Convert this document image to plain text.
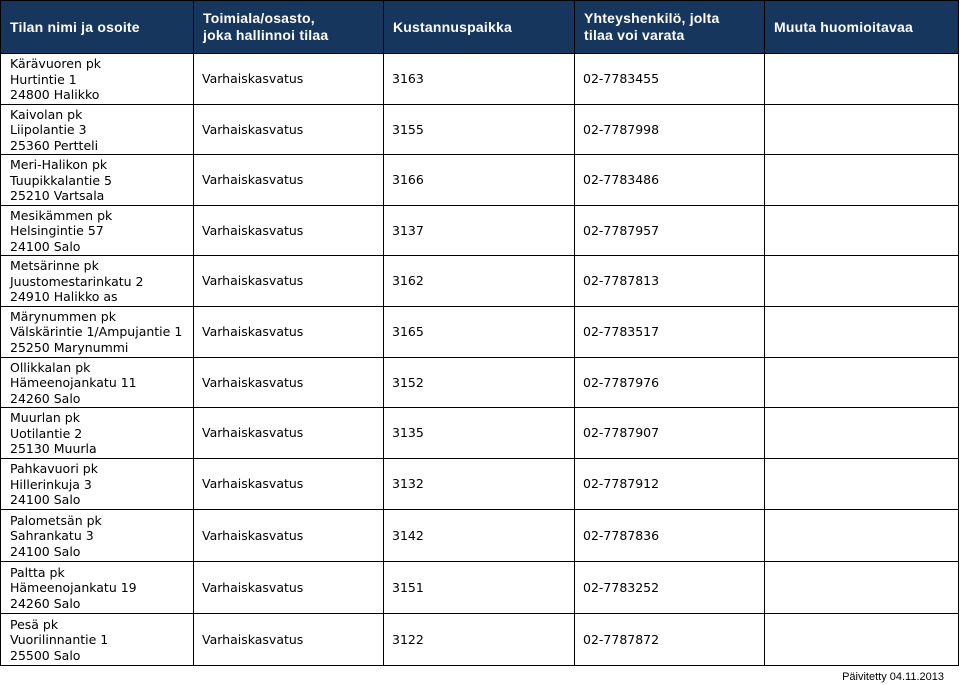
Tilan nimi ja osoite	Toimiala/osasto,
joka hallinnoi tilaa	Kustannuspaikka	Yhteyshenkilö, jolta
tilaa voi varata	Muuta huomioitavaa

Kärävuoren pk
Hurtintie 1
24800 Halikko	Varhaiskasvatus	3163	02-7783455	

Kaivolan pk
Liipolantie 3
25360 Pertteli	Varhaiskasvatus	3155	02-7787998	

Meri-Halikon pk
Tuupikkalantie 5
25210 Vartsala	Varhaiskasvatus	3166	02-7783486	

Mesikämmen pk
Helsingintie 57
24100 Salo	Varhaiskasvatus	3137	02-7787957	

Metsärinne pk
Juustomestarinkatu 2
24910 Halikko as	Varhaiskasvatus	3162	02-7787813	

Märynummen pk
Välskärintie 1/Ampujantie 1
25250 Marynummi	Varhaiskasvatus	3165	02-7783517	

Ollikkalan pk
Hämeenojankatu 11
24260 Salo	Varhaiskasvatus	3152	02-7787976	

Muurlan pk
Uotilantie 2
25130 Muurla	Varhaiskasvatus	3135	02-7787907	

Pahkavuori pk
Hillerinkuja 3
24100 Salo	Varhaiskasvatus	3132	02-7787912	

Palometsän pk
Sahrankatu 3
24100 Salo	Varhaiskasvatus	3142	02-7787836	

Paltta pk
Hämeenojankatu 19
24260 Salo	Varhaiskasvatus	3151	02-7783252	

Pesä pk
Vuorilinnantie 1
25500 Salo	Varhaiskasvatus	3122	02-7787872	
Päivitetty 04.11.2013
